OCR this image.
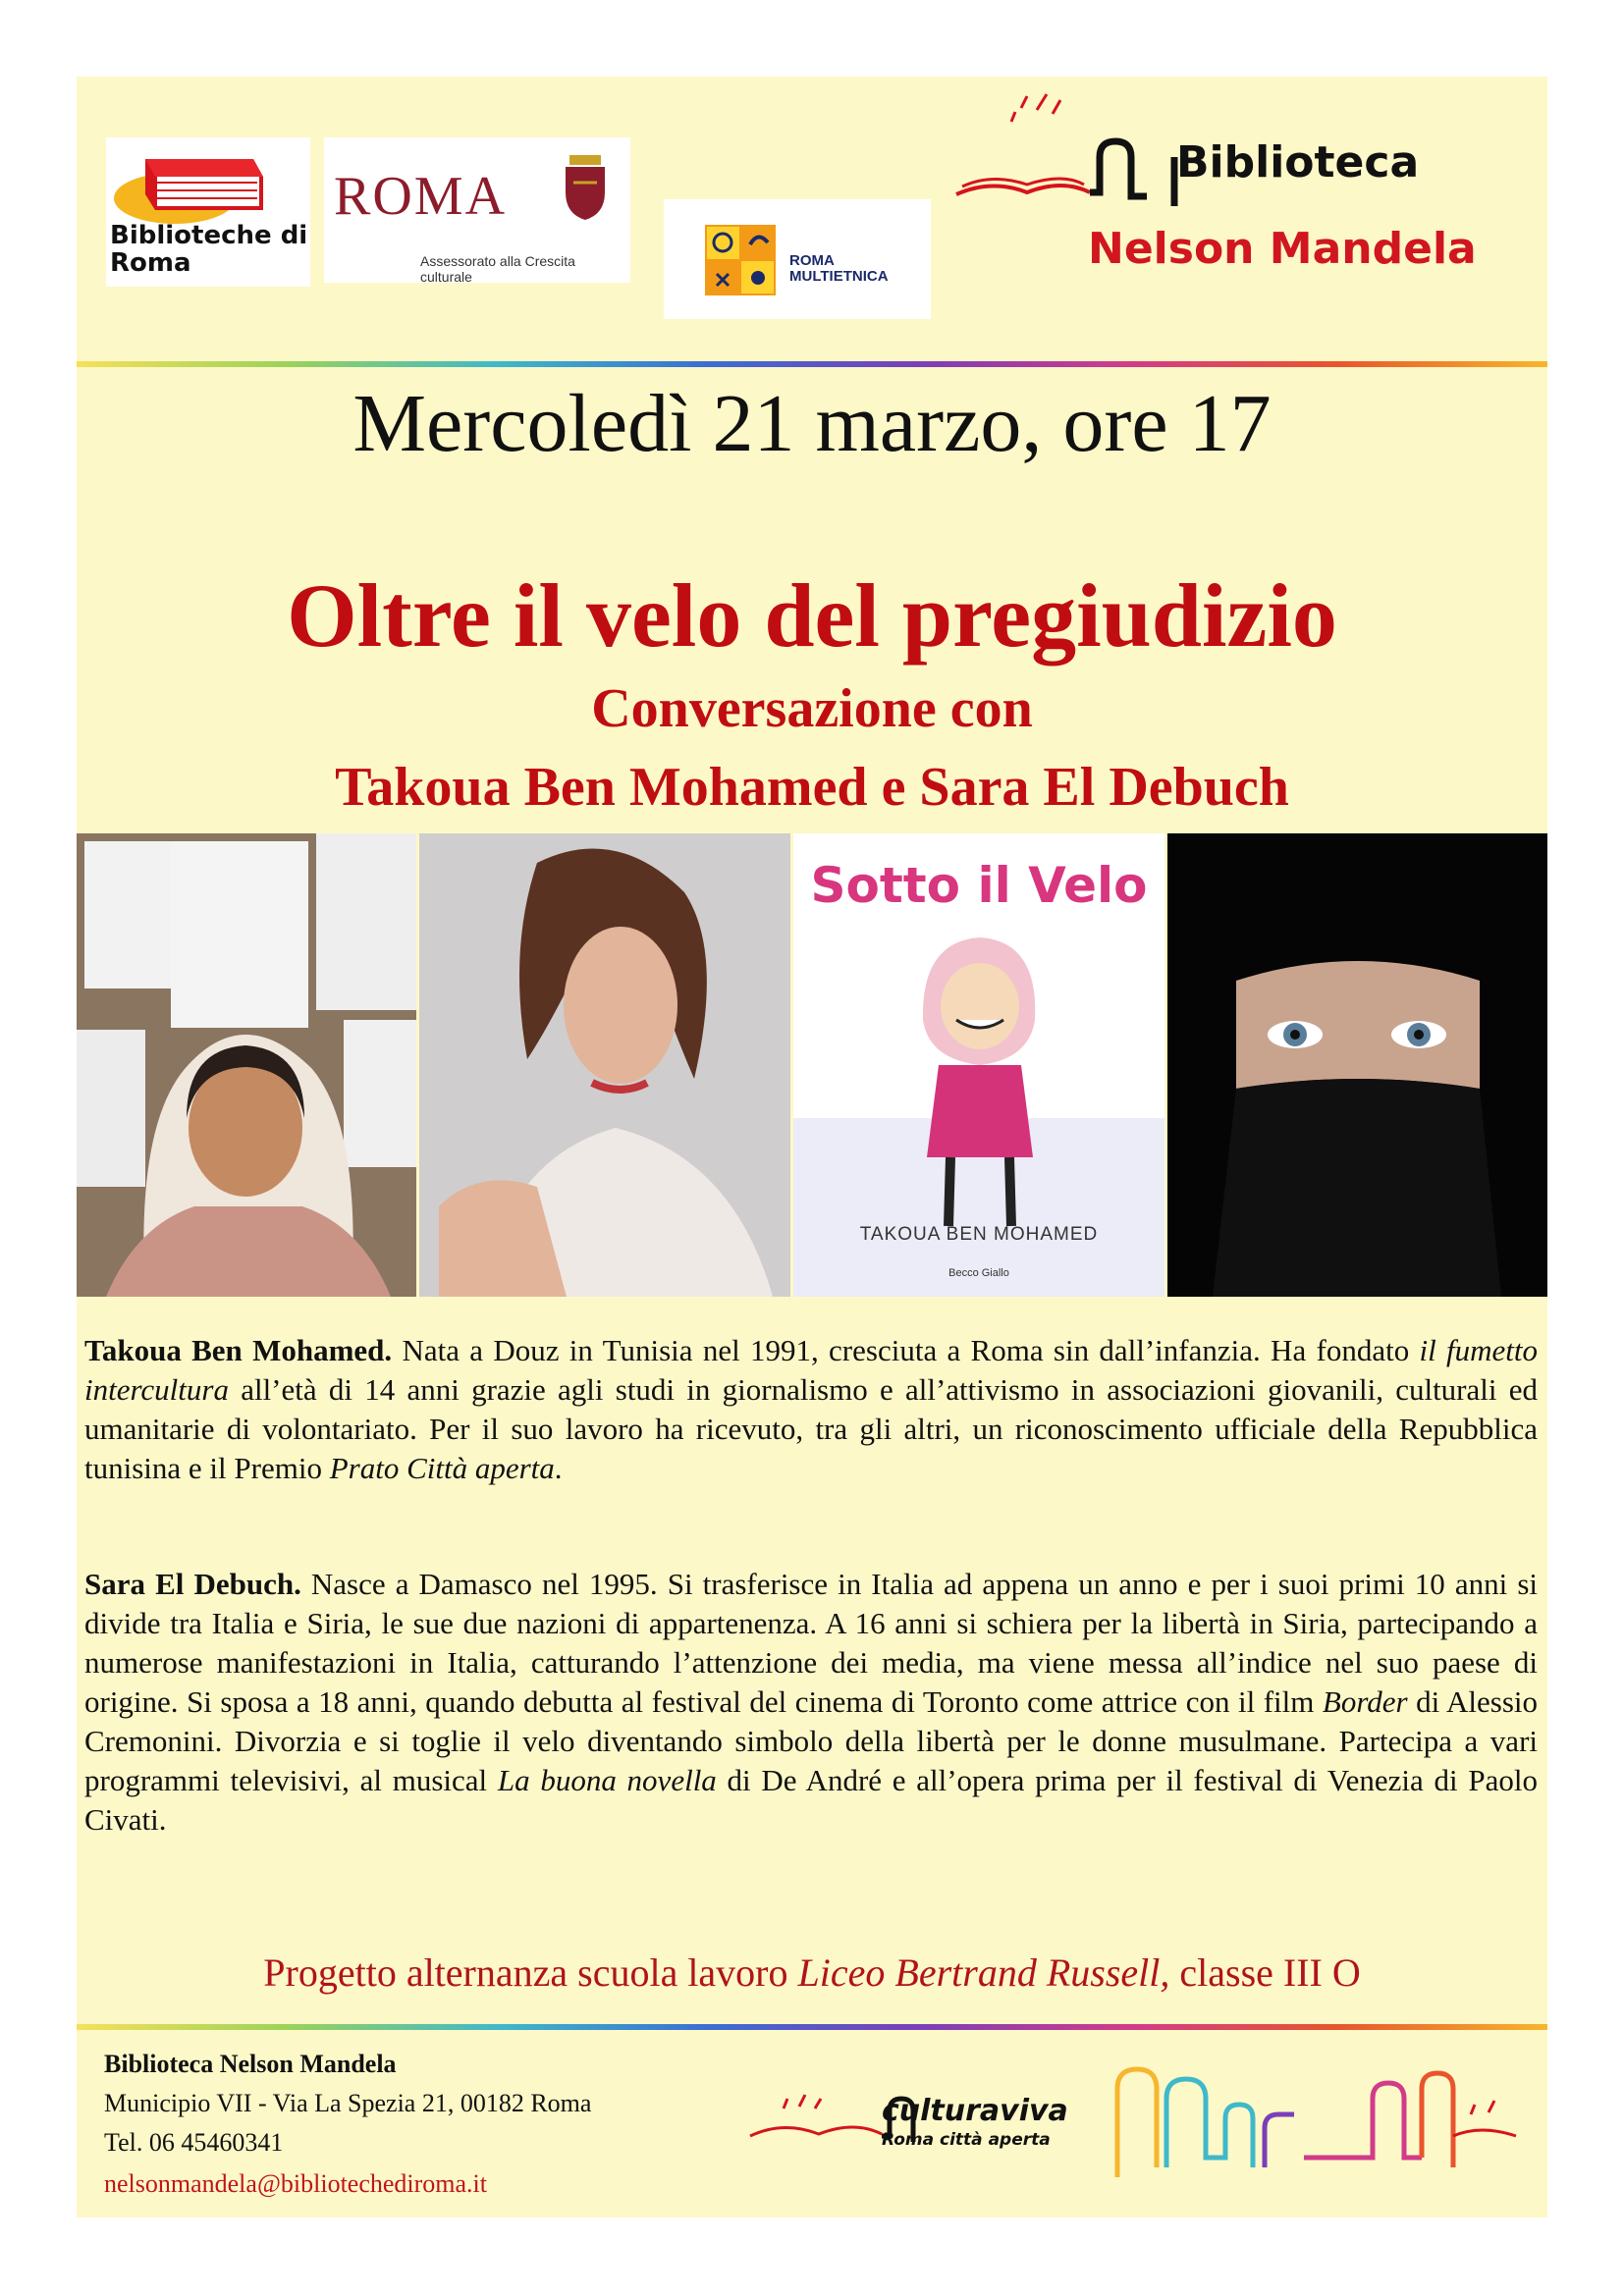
Biblioteche di Roma
ROMA
Assessorato alla Crescita culturale
ROMA MULTIETNICA
Biblioteca
Nelson Mandela
Mercoledì 21 marzo, ore 17
Oltre il velo del pregiudizio
Conversazione con
Takoua Ben Mohamed e Sara El Debuch
Sotto il Velo
TAKOUA BEN MOHAMED
Becco Giallo

Takoua Ben Mohamed. Nata a Douz in Tunisia nel 1991, cresciuta a Roma sin dall’infanzia. Ha fondato il fumetto intercultura all’età di 14 anni grazie agli studi in giornalismo e all’attivismo in associazioni giovanili, culturali ed umanitarie di volontariato. Per il suo lavoro ha ricevuto, tra gli altri, un riconoscimento ufficiale della Repubblica tunisina e il Premio Prato Città aperta.

Sara El Debuch. Nasce a Damasco nel 1995. Si trasferisce in Italia ad appena un anno e per i suoi primi 10 anni si divide tra Italia e Siria, le sue due nazioni di appartenenza. A 16 anni si schiera per la libertà in Siria, partecipando a numerose manifestazioni in Italia, catturando l’attenzione dei media, ma viene messa all’indice nel suo paese di origine. Si sposa a 18 anni, quando debutta al festival del cinema di Toronto come attrice con il film Border di Alessio Cremonini. Divorzia e si toglie il velo diventando simbolo della libertà per le donne musulmane. Partecipa a vari programmi televisivi, al musical La buona novella di De André e all’opera prima per il festival di Venezia di Paolo Civati.

Progetto alternanza scuola lavoro Liceo Bertrand Russell, classe III O
Biblioteca Nelson Mandela
Municipio VII - Via La Spezia 21, 00182 Roma
Tel. 06 45460341
nelsonmandela@bibliotechediroma.it
culturaviva
Roma città aperta
